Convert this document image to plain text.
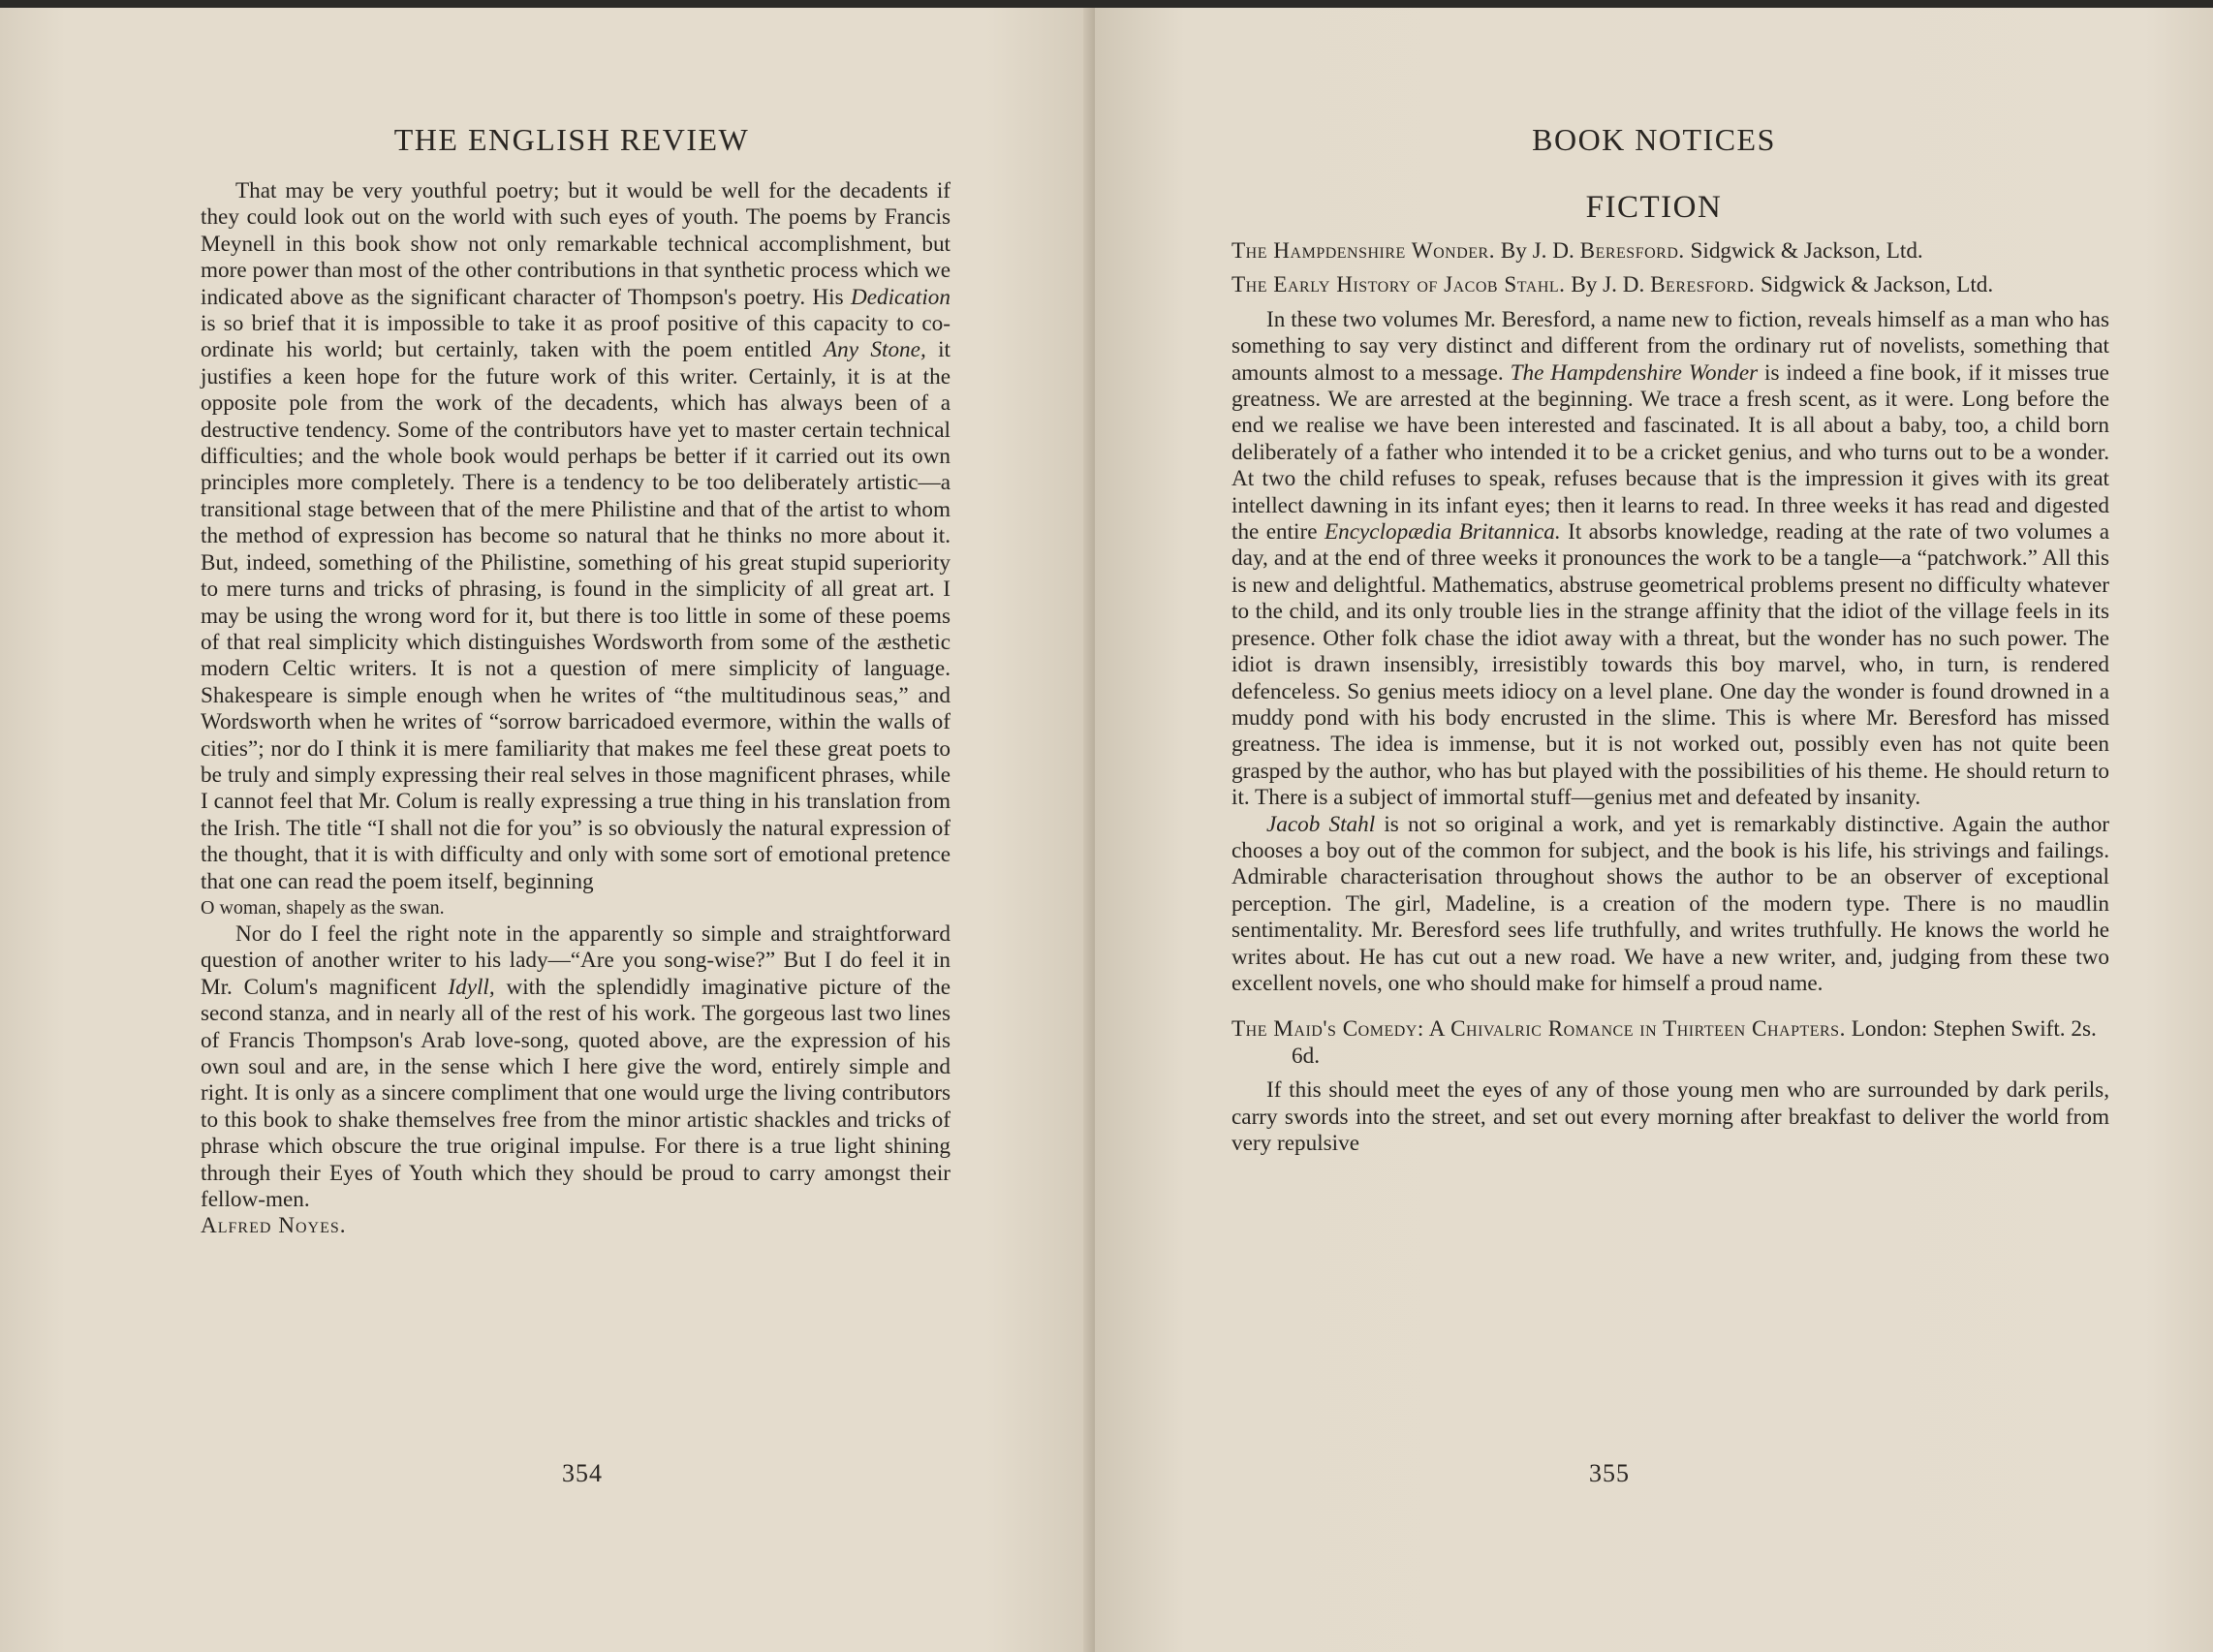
THE ENGLISH REVIEW

That may be very youthful poetry; but it would be well for the decadents if they could look out on the world with such eyes of youth. The poems by Francis Meynell in this book show not only remarkable technical accomplishment, but more power than most of the other contributions in that synthetic process which we indicated above as the significant character of Thompson's poetry. His Dedication is so brief that it is impossible to take it as proof positive of this capacity to co-ordinate his world; but certainly, taken with the poem entitled Any Stone, it justifies a keen hope for the future work of this writer. Certainly, it is at the opposite pole from the work of the decadents, which has always been of a destructive tendency. Some of the contributors have yet to master certain technical difficulties; and the whole book would perhaps be better if it carried out its own principles more completely. There is a tendency to be too deliberately artistic—a transitional stage between that of the mere Philistine and that of the artist to whom the method of expression has become so natural that he thinks no more about it. But, indeed, something of the Philistine, something of his great stupid superiority to mere turns and tricks of phrasing, is found in the simplicity of all great art. I may be using the wrong word for it, but there is too little in some of these poems of that real simplicity which distinguishes Wordsworth from some of the æsthetic modern Celtic writers. It is not a question of mere simplicity of language. Shakespeare is simple enough when he writes of “the multitudinous seas,” and Wordsworth when he writes of “sorrow barricadoed evermore, within the walls of cities”; nor do I think it is mere familiarity that makes me feel these great poets to be truly and simply expressing their real selves in those magnificent phrases, while I cannot feel that Mr. Colum is really expressing a true thing in his translation from the Irish. The title “I shall not die for you” is so obviously the natural expression of the thought, that it is with difficulty and only with some sort of emotional pretence that one can read the poem itself, beginning

O woman, shapely as the swan.

Nor do I feel the right note in the apparently so simple and straightforward question of another writer to his lady—“Are you song-wise?” But I do feel it in Mr. Colum's magnificent Idyll, with the splendidly imaginative picture of the second stanza, and in nearly all of the rest of his work. The gorgeous last two lines of Francis Thompson's Arab love-song, quoted above, are the expression of his own soul and are, in the sense which I here give the word, entirely simple and right. It is only as a sincere compliment that one would urge the living contributors to this book to shake themselves free from the minor artistic shackles and tricks of phrase which obscure the true original impulse. For there is a true light shining through their Eyes of Youth which they should be proud to carry amongst their fellow-men.

Alfred Noyes.

354
BOOK NOTICES
FICTION

The Hampdenshire Wonder. By J. D. Beresford. Sidgwick & Jackson, Ltd.

The Early History of Jacob Stahl. By J. D. Beresford. Sidgwick & Jackson, Ltd.

In these two volumes Mr. Beresford, a name new to fiction, reveals himself as a man who has something to say very distinct and different from the ordinary rut of novelists, something that amounts almost to a message. The Hampdenshire Wonder is indeed a fine book, if it misses true greatness. We are arrested at the beginning. We trace a fresh scent, as it were. Long before the end we realise we have been interested and fascinated. It is all about a baby, too, a child born deliberately of a father who intended it to be a cricket genius, and who turns out to be a wonder. At two the child refuses to speak, refuses because that is the impression it gives with its great intellect dawning in its infant eyes; then it learns to read. In three weeks it has read and digested the entire Encyclopædia Britannica. It absorbs knowledge, reading at the rate of two volumes a day, and at the end of three weeks it pronounces the work to be a tangle—a “patchwork.” All this is new and delightful. Mathematics, abstruse geometrical problems present no difficulty whatever to the child, and its only trouble lies in the strange affinity that the idiot of the village feels in its presence. Other folk chase the idiot away with a threat, but the wonder has no such power. The idiot is drawn insensibly, irresistibly towards this boy marvel, who, in turn, is rendered defenceless. So genius meets idiocy on a level plane. One day the wonder is found drowned in a muddy pond with his body encrusted in the slime. This is where Mr. Beresford has missed greatness. The idea is immense, but it is not worked out, possibly even has not quite been grasped by the author, who has but played with the possibilities of his theme. He should return to it. There is a subject of immortal stuff—genius met and defeated by insanity.

Jacob Stahl is not so original a work, and yet is remarkably distinctive. Again the author chooses a boy out of the common for subject, and the book is his life, his strivings and failings. Admirable characterisation throughout shows the author to be an observer of exceptional perception. The girl, Madeline, is a creation of the modern type. There is no maudlin sentimentality. Mr. Beresford sees life truthfully, and writes truthfully. He knows the world he writes about. He has cut out a new road. We have a new writer, and, judging from these two excellent novels, one who should make for himself a proud name.

The Maid's Comedy: A Chivalric Romance in Thirteen Chapters. London: Stephen Swift. 2s. 6d.

If this should meet the eyes of any of those young men who are surrounded by dark perils, carry swords into the street, and set out every morning after breakfast to deliver the world from very repulsive

355
